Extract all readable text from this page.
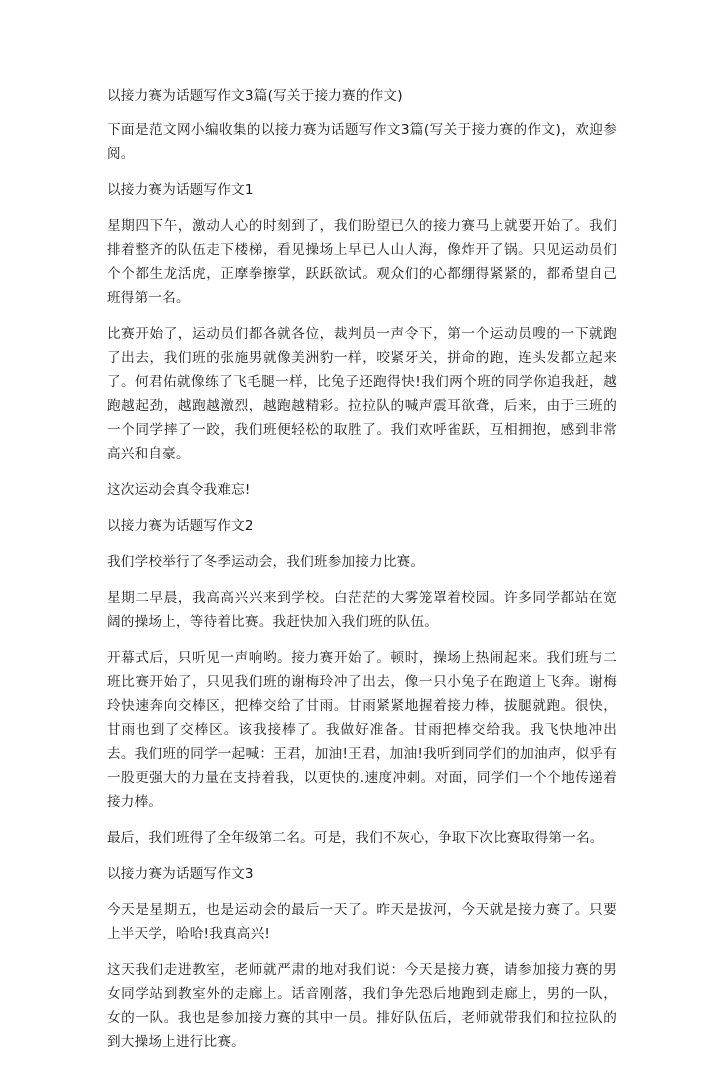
以接力赛为话题写作文3篇(写关于接力赛的作文)

下面是范文网小编收集的以接力赛为话题写作文3篇(写关于接力赛的作文)，欢迎参阅。

以接力赛为话题写作文1

星期四下午，激动人心的时刻到了，我们盼望已久的接力赛马上就要开始了。我们排着整齐的队伍走下楼梯，看见操场上早已人山人海，像炸开了锅。只见运动员们个个都生龙活虎，正摩拳擦掌，跃跃欲试。观众们的心都绷得紧紧的，都希望自己班得第一名。

比赛开始了，运动员们都各就各位，裁判员一声令下，第一个运动员嗖的一下就跑了出去，我们班的张施男就像美洲豹一样，咬紧牙关，拼命的跑，连头发都立起来了。何君佑就像练了飞毛腿一样，比兔子还跑得快!我们两个班的同学你追我赶，越跑越起劲，越跑越激烈，越跑越精彩。拉拉队的喊声震耳欲聋，后来，由于三班的一个同学摔了一跤，我们班便轻松的取胜了。我们欢呼雀跃，互相拥抱，感到非常高兴和自豪。

这次运动会真令我难忘!

以接力赛为话题写作文2

我们学校举行了冬季运动会，我们班参加接力比赛。

星期二早晨，我高高兴兴来到学校。白茫茫的大雾笼罩着校园。许多同学都站在宽阔的操场上，等待着比赛。我赶快加入我们班的队伍。

开幕式后，只听见一声响哟。接力赛开始了。顿时，操场上热闹起来。我们班与二班比赛开始了，只见我们班的谢梅玲冲了出去，像一只小兔子在跑道上飞奔。谢梅玲快速奔向交棒区，把棒交给了甘雨。甘雨紧紧地握着接力棒，拔腿就跑。很快，甘雨也到了交棒区。该我接棒了。我做好准备。甘雨把棒交给我。我飞快地冲出去。我们班的同学一起喊：王君，加油!王君，加油!我听到同学们的加油声，似乎有一股更强大的力量在支持着我，以更快的.速度冲刺。对面，同学们一个个地传递着接力棒。

最后，我们班得了全年级第二名。可是，我们不灰心，争取下次比赛取得第一名。

以接力赛为话题写作文3

今天是星期五，也是运动会的最后一天了。昨天是拔河，今天就是接力赛了。只要上半天学，哈哈!我真高兴!

这天我们走进教室，老师就严肃的地对我们说：今天是接力赛，请参加接力赛的男女同学站到教室外的走廊上。话音刚落，我们争先恐后地跑到走廊上，男的一队，女的一队。我也是参加接力赛的其中一员。排好队伍后，老师就带我们和拉拉队的到大操场上进行比赛。
